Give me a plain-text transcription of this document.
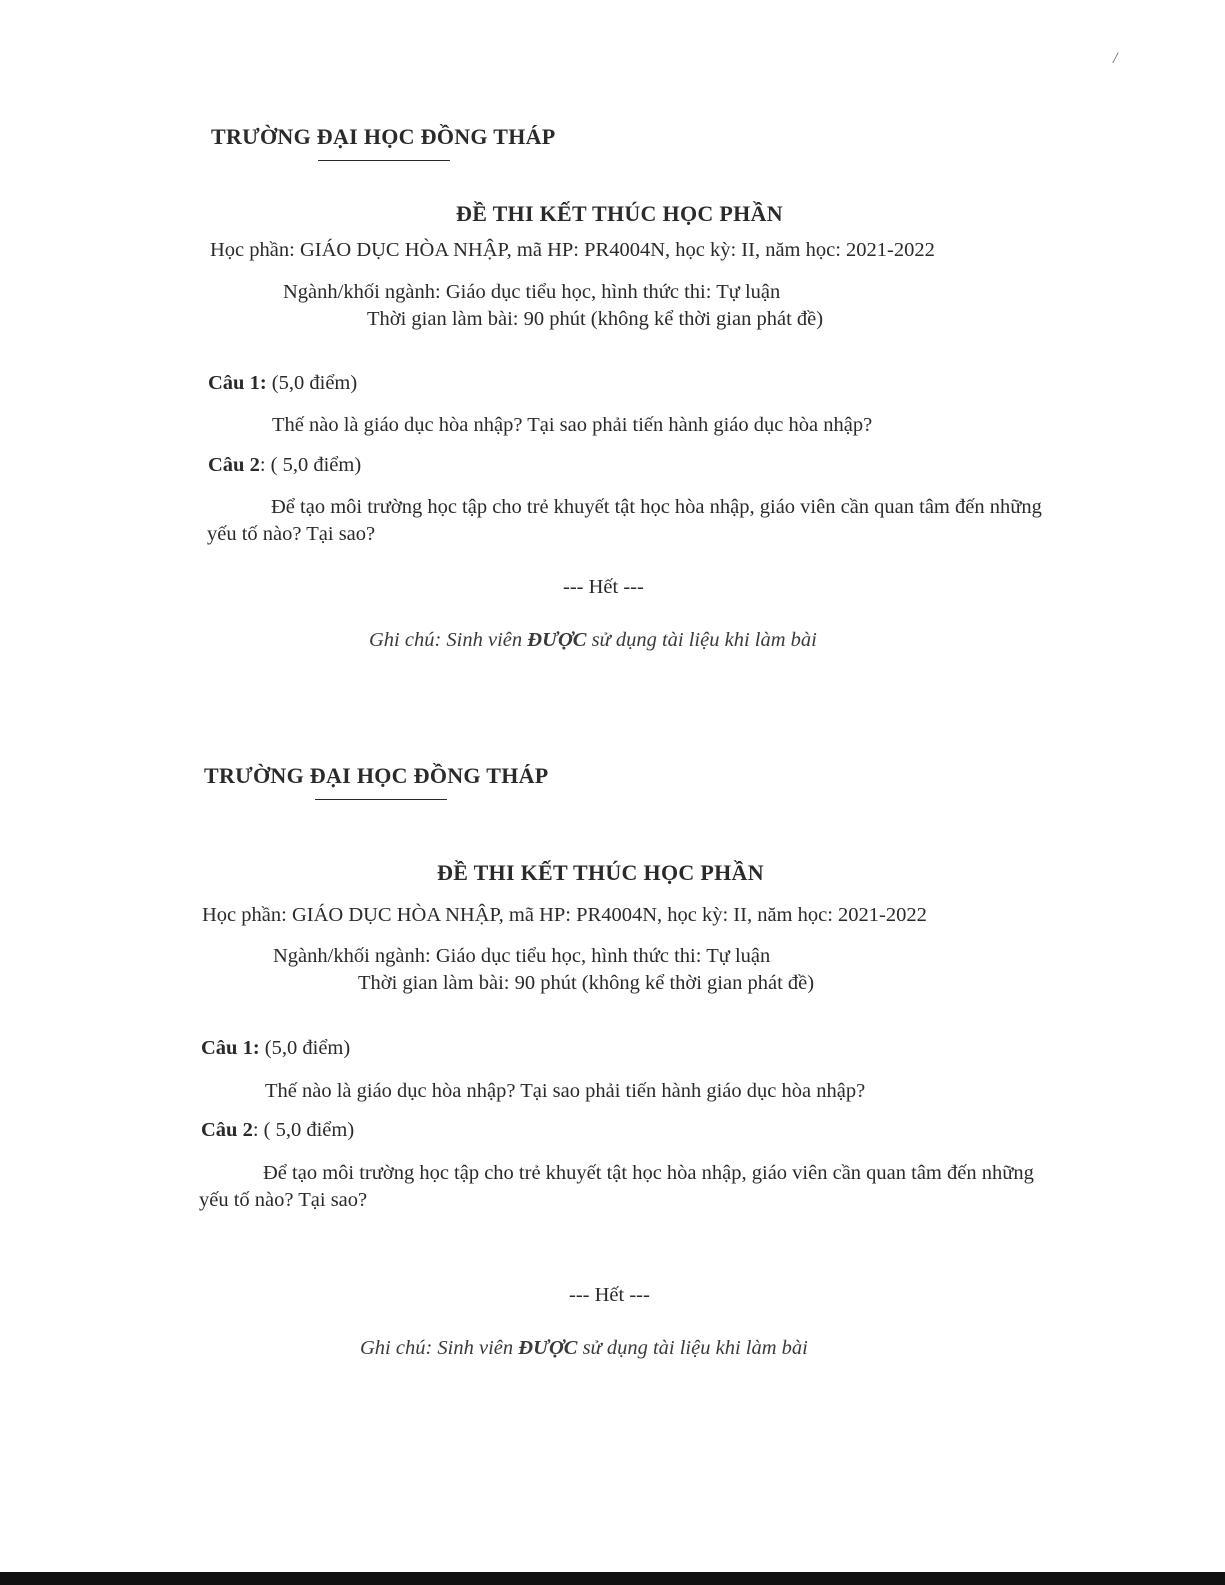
/
TRƯỜNG ĐẠI HỌC ĐỒNG THÁP
ĐỀ THI KẾT THÚC HỌC PHẦN
Học phần: GIÁO DỤC HÒA NHẬP, mã HP: PR4004N, học kỳ: II, năm học: 2021-2022
Ngành/khối ngành: Giáo dục tiểu học, hình thức thi: Tự luận
Thời gian làm bài: 90 phút (không kể thời gian phát đề)
Câu 1: (5,0 điểm)
Thế nào là giáo dục hòa nhập? Tại sao phải tiến hành giáo dục hòa nhập?
Câu 2: ( 5,0 điểm)
Để tạo môi trường học tập cho trẻ khuyết tật học hòa nhập, giáo viên cần quan tâm đến những yếu tố nào? Tại sao?
--- Hết ---
Ghi chú: Sinh viên ĐƯỢC sử dụng tài liệu khi làm bài
TRƯỜNG ĐẠI HỌC ĐỒNG THÁP
ĐỀ THI KẾT THÚC HỌC PHẦN
Học phần: GIÁO DỤC HÒA NHẬP, mã HP: PR4004N, học kỳ: II, năm học: 2021-2022
Ngành/khối ngành: Giáo dục tiểu học, hình thức thi: Tự luận
Thời gian làm bài: 90 phút (không kể thời gian phát đề)
Câu 1: (5,0 điểm)
Thế nào là giáo dục hòa nhập? Tại sao phải tiến hành giáo dục hòa nhập?
Câu 2: ( 5,0 điểm)
Để tạo môi trường học tập cho trẻ khuyết tật học hòa nhập, giáo viên cần quan tâm đến những yếu tố nào? Tại sao?
--- Hết ---
Ghi chú: Sinh viên ĐƯỢC sử dụng tài liệu khi làm bài
